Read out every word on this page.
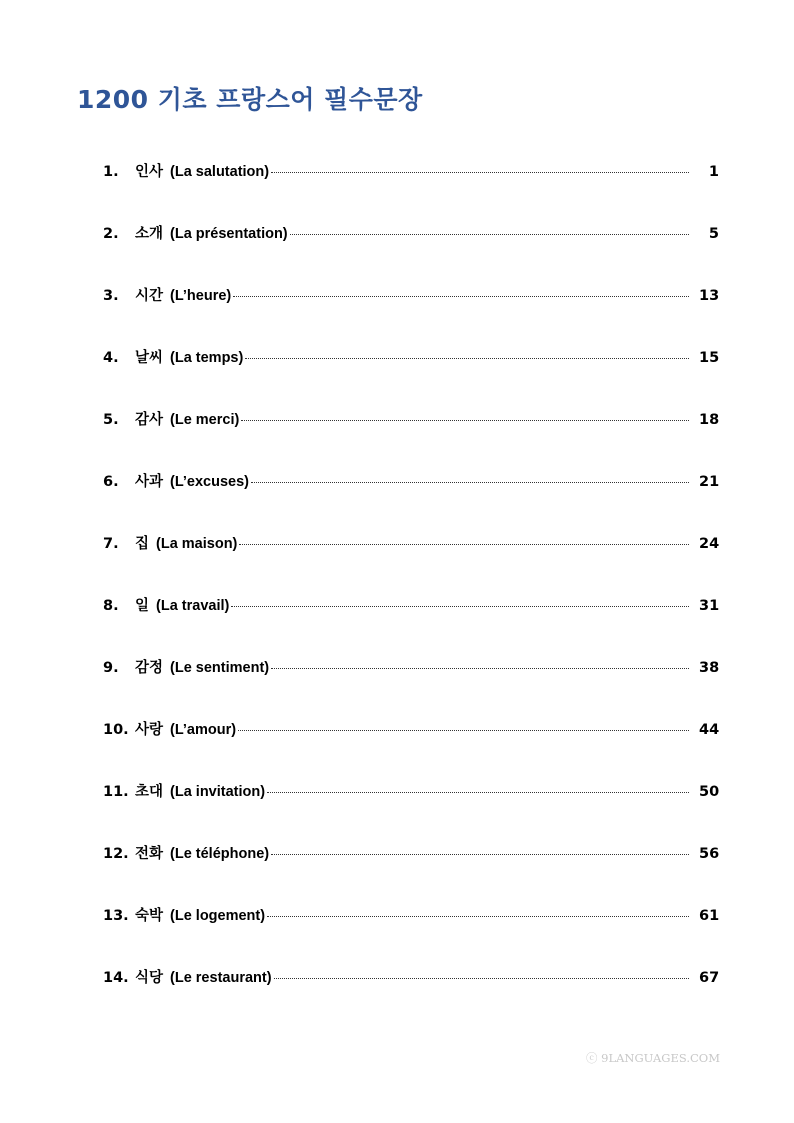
1200 기초 프랑스어 필수문장
1.	인사 (La salutation)	1
2.	소개 (La présentation)	5
3.	시간 (L’heure)	13
4.	날씨 (La temps)	15
5.	감사 (Le merci)	18
6.	사과 (L’excuses)	21
7.	집 (La maison)	24
8.	일 (La travail)	31
9.	감정 (Le sentiment)	38
10. 사랑 (L’amour)	44
11. 초대 (La invitation)	50
12. 전화 (Le téléphone)	56
13. 숙박 (Le logement)	61
14. 식당 (Le restaurant)	67

ⓒ 9LANGUAGES.COM
